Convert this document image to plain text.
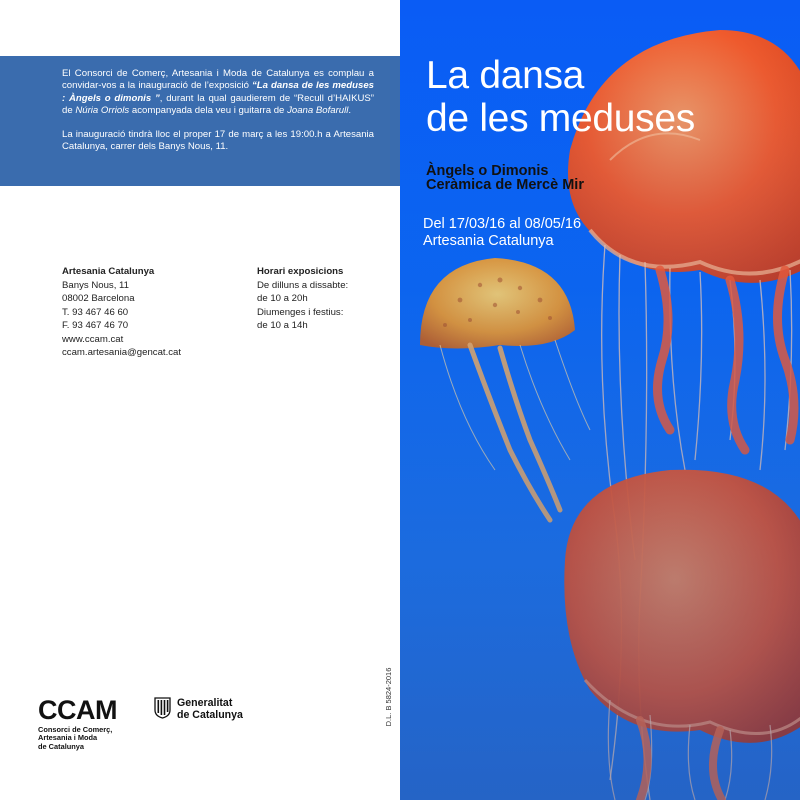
El Consorci de Comerç, Artesania i Moda de Catalunya es complau a convidar-vos a la inauguració de l’exposició “La dansa de les meduses : Àngels o dimonis ”, durant la qual gaudierem de “Recull d’HAIKUS” de Núria Orriols acompanyada dela veu i guitarra de Joana Bofarull.

La inauguració tindrà lloc el proper 17 de març a les 19:00.h a Artesania Catalunya, carrer dels Banys Nous, 11.

Artesania Catalunya
Banys Nous, 11
08002 Barcelona
T. 93 467 46 60
F. 93 467 46 70
www.ccam.cat
ccam.artesania@gencat.cat
Horari exposicions
De dilluns a dissabte:
de 10 a 20h
Diumenges i festius:
de 10 a 14h
D.L. B 5824-2016
CCAM
Consorci de Comerç,
Artesania i Moda
de Catalunya
Generalitat
de Catalunya
La dansa
de les meduses
Àngels o Dimonis
Ceràmica de Mercè Mir

Del 17/03/16 al 08/05/16
Artesania Catalunya
